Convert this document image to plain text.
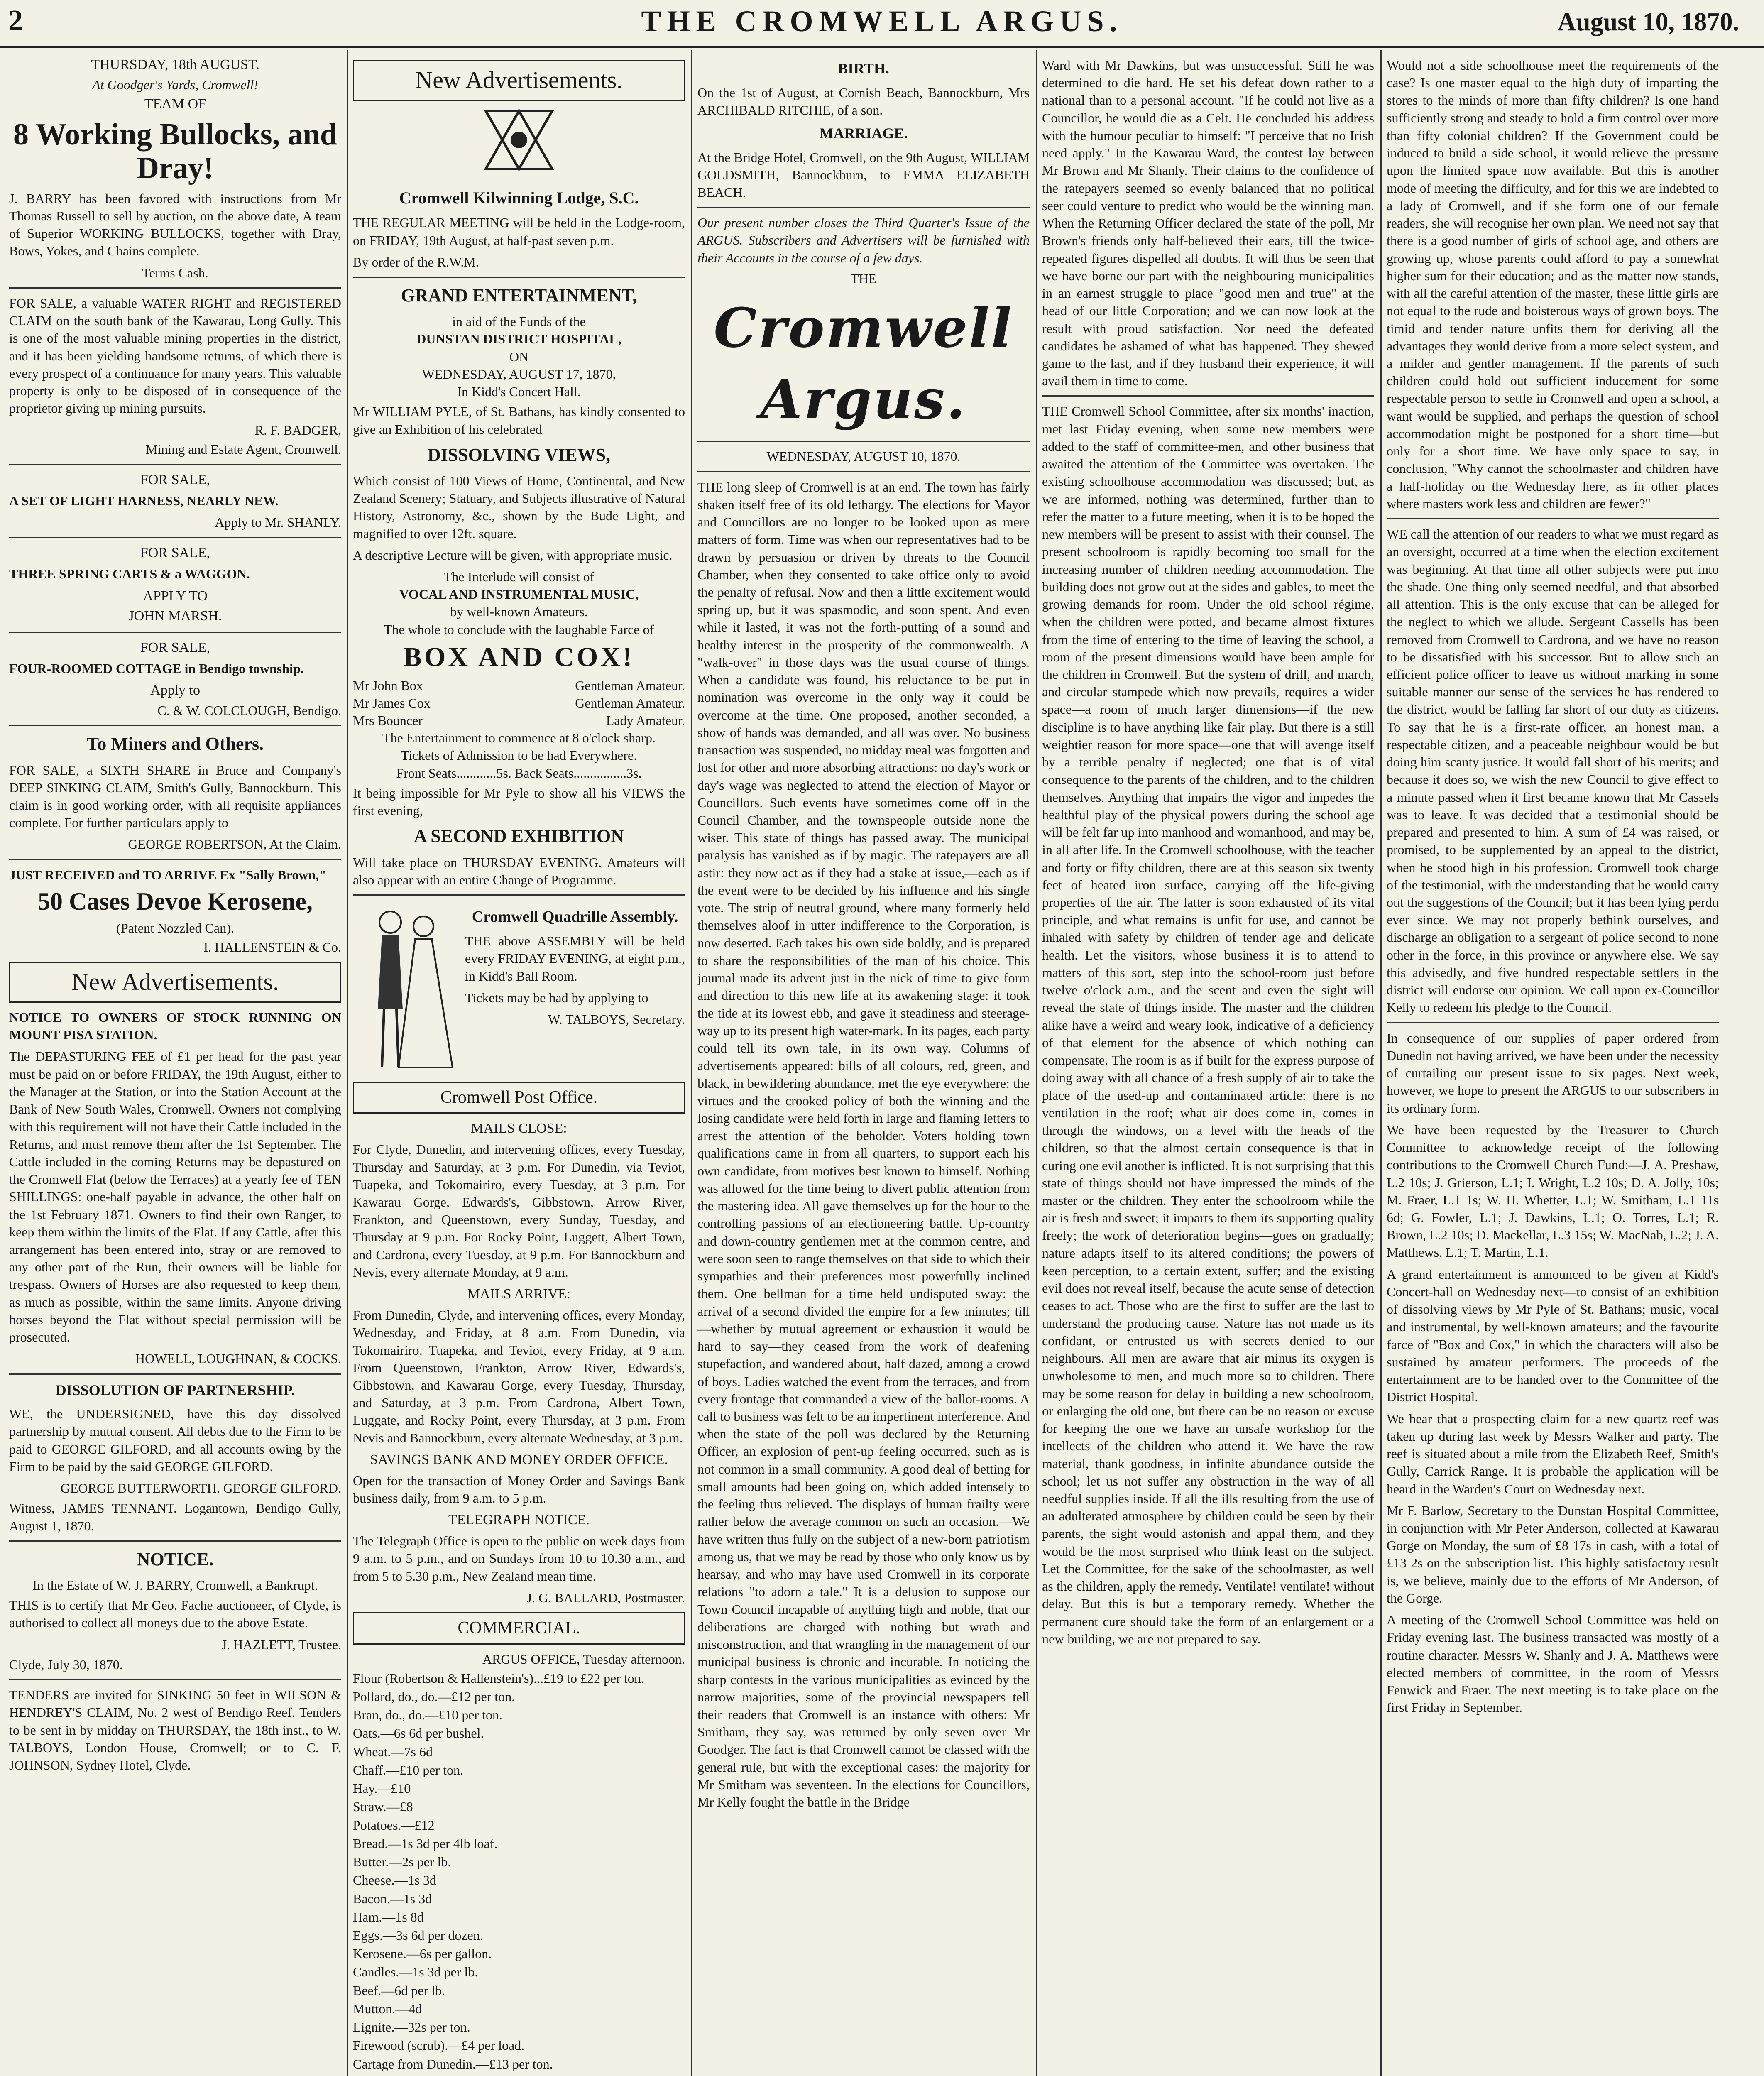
2	THE CROMWELL ARGUS.	August 10, 1870.
THURSDAY, 18th AUGUST.
At Goodger's Yards, Cromwell!
TEAM OF
8 Working Bullocks, and Dray!
J. BARRY has been favored with instructions from Mr Thomas Russell to sell by auction, on the above date, A team of Superior WORKING BULLOCKS, together with Dray, Bows, Yokes, and Chains complete.
Terms Cash.
FOR SALE, a valuable WATER RIGHT and REGISTERED CLAIM on the south bank of the Kawarau, Long Gully. This is one of the most valuable mining properties in the district, and it has been yielding handsome returns, of which there is every prospect of a continuance for many years. This valuable property is only to be disposed of in consequence of the proprietor giving up mining pursuits.
R. F. BADGER,
Mining and Estate Agent, Cromwell.
FOR SALE,
A SET OF LIGHT HARNESS, NEARLY NEW.
Apply to Mr. SHANLY.
FOR SALE,
THREE SPRING CARTS & a WAGGON.
APPLY TO
JOHN MARSH.
FOR SALE,
FOUR-ROOMED COTTAGE in Bendigo township.
Apply to
C. & W. COLCLOUGH, Bendigo.
To Miners and Others.
FOR SALE, a SIXTH SHARE in Bruce and Company's DEEP SINKING CLAIM, Smith's Gully, Bannockburn. This claim is in good working order, with all requisite appliances complete. For further particulars apply to
GEORGE ROBERTSON, At the Claim.
JUST RECEIVED and TO ARRIVE Ex "Sally Brown,"
50 Cases Devoe Kerosene,
(Patent Nozzled Can).
I. HALLENSTEIN & Co.
New Advertisements.
NOTICE TO OWNERS OF STOCK RUNNING ON MOUNT PISA STATION.
The DEPASTURING FEE of £1 per head for the past year must be paid on or before FRIDAY, the 19th August, either to the Manager at the Station, or into the Station Account at the Bank of New South Wales, Cromwell. Owners not complying with this requirement will not have their Cattle included in the Returns, and must remove them after the 1st September. The Cattle included in the coming Returns may be depastured on the Cromwell Flat (below the Terraces) at a yearly fee of TEN SHILLINGS: one-half payable in advance, the other half on the 1st February 1871. Owners to find their own Ranger, to keep them within the limits of the Flat. If any Cattle, after this arrangement has been entered into, stray or are removed to any other part of the Run, their owners will be liable for trespass. Owners of Horses are also requested to keep them, as much as possible, within the same limits. Anyone driving horses beyond the Flat without special permission will be prosecuted.
HOWELL, LOUGHNAN, & COCKS.
DISSOLUTION OF PARTNERSHIP.
WE, the UNDERSIGNED, have this day dissolved partnership by mutual consent. All debts due to the Firm to be paid to GEORGE GILFORD, and all accounts owing by the Firm to be paid by the said GEORGE GILFORD.
GEORGE BUTTERWORTH. GEORGE GILFORD.
Witness, JAMES TENNANT. Logantown, Bendigo Gully, August 1, 1870.
NOTICE.
In the Estate of W. J. BARRY, Cromwell, a Bankrupt.
THIS is to certify that Mr Geo. Fache auctioneer, of Clyde, is authorised to collect all moneys due to the above Estate.
J. HAZLETT, Trustee.
Clyde, July 30, 1870.
TENDERS are invited for SINKING 50 feet in WILSON & HENDREY'S CLAIM, No. 2 west of Bendigo Reef. Tenders to be sent in by midday on THURSDAY, the 18th inst., to W. TALBOYS, London House, Cromwell; or to C. F. JOHNSON, Sydney Hotel, Clyde.
New Advertisements.
Cromwell Kilwinning Lodge, S.C.
THE REGULAR MEETING will be held in the Lodge-room, on FRIDAY, 19th August, at half-past seven p.m.
By order of the R.W.M.
GRAND ENTERTAINMENT,
in aid of the Funds of the
DUNSTAN DISTRICT HOSPITAL,
ON
WEDNESDAY, AUGUST 17, 1870,
In Kidd's Concert Hall.
Mr WILLIAM PYLE, of St. Bathans, has kindly consented to give an Exhibition of his celebrated
DISSOLVING VIEWS,
Which consist of 100 Views of Home, Continental, and New Zealand Scenery; Statuary, and Subjects illustrative of Natural History, Astronomy, &c., shown by the Bude Light, and magnified to over 12ft. square.
A descriptive Lecture will be given, with appropriate music.
The Interlude will consist of
VOCAL AND INSTRUMENTAL MUSIC,
by well-known Amateurs.
The whole to conclude with the laughable Farce of
BOX AND COX!
Mr John Box	Gentleman Amateur.
Mr James Cox	Gentleman Amateur.
Mrs Bouncer	Lady Amateur.
The Entertainment to commence at 8 o'clock sharp.
Tickets of Admission to be had Everywhere.
Front Seats............5s. Back Seats................3s.
It being impossible for Mr Pyle to show all his VIEWS the first evening,
A SECOND EXHIBITION
Will take place on THURSDAY EVENING. Amateurs will also appear with an entire Change of Programme.
Cromwell Quadrille Assembly.
THE above ASSEMBLY will be held every FRIDAY EVENING, at eight p.m., in Kidd's Ball Room.
Tickets may be had by applying to
W. TALBOYS, Secretary.
Cromwell Post Office.
MAILS CLOSE:
For Clyde, Dunedin, and intervening offices, every Tuesday, Thursday and Saturday, at 3 p.m. For Dunedin, via Teviot, Tuapeka, and Tokomairiro, every Tuesday, at 3 p.m. For Kawarau Gorge, Edwards's, Gibbstown, Arrow River, Frankton, and Queenstown, every Sunday, Tuesday, and Thursday at 9 p.m. For Rocky Point, Luggett, Albert Town, and Cardrona, every Tuesday, at 9 p.m. For Bannockburn and Nevis, every alternate Monday, at 9 a.m.
MAILS ARRIVE:
From Dunedin, Clyde, and intervening offices, every Monday, Wednesday, and Friday, at 8 a.m. From Dunedin, via Tokomairiro, Tuapeka, and Teviot, every Friday, at 9 a.m. From Queenstown, Frankton, Arrow River, Edwards's, Gibbstown, and Kawarau Gorge, every Tuesday, Thursday, and Saturday, at 3 p.m. From Cardrona, Albert Town, Luggate, and Rocky Point, every Thursday, at 3 p.m. From Nevis and Bannockburn, every alternate Wednesday, at 3 p.m.
SAVINGS BANK AND MONEY ORDER OFFICE.
Open for the transaction of Money Order and Savings Bank business daily, from 9 a.m. to 5 p.m.
TELEGRAPH NOTICE.
The Telegraph Office is open to the public on week days from 9 a.m. to 5 p.m., and on Sundays from 10 to 10.30 a.m., and from 5 to 5.30 p.m., New Zealand mean time.
J. G. BALLARD, Postmaster.
COMMERCIAL.
ARGUS OFFICE, Tuesday afternoon.
Flour (Robertson & Hallenstein's)...£19 to £22 per ton.
Pollard, do., do.—£12 per ton.
Bran, do., do.—£10 per ton.
Oats.—6s 6d per bushel.
Wheat.—7s 6d
Chaff.—£10 per ton.
Hay.—£10
Straw.—£8
Potatoes.—£12
Bread.—1s 3d per 4lb loaf.
Butter.—2s per lb.
Cheese.—1s 3d
Bacon.—1s 3d
Ham.—1s 8d
Eggs.—3s 6d per dozen.
Kerosene.—6s per gallon.
Candles.—1s 3d per lb.
Beef.—6d per lb.
Mutton.—4d
Lignite.—32s per ton.
Firewood (scrub).—£4 per load.
Cartage from Dunedin.—£13 per ton.
BIRTH.
On the 1st of August, at Cornish Beach, Bannockburn, Mrs ARCHIBALD RITCHIE, of a son.
MARRIAGE.
At the Bridge Hotel, Cromwell, on the 9th August, WILLIAM GOLDSMITH, Bannockburn, to EMMA ELIZABETH BEACH.
Our present number closes the Third Quarter's Issue of the ARGUS. Subscribers and Advertisers will be furnished with their Accounts in the course of a few days.
THE
Cromwell Argus.
WEDNESDAY, AUGUST 10, 1870.
THE long sleep of Cromwell is at an end. The town has fairly shaken itself free of its old lethargy. The elections for Mayor and Councillors are no longer to be looked upon as mere matters of form. Time was when our representatives had to be drawn by persuasion or driven by threats to the Council Chamber, when they consented to take office only to avoid the penalty of refusal. Now and then a little excitement would spring up, but it was spasmodic, and soon spent. And even while it lasted, it was not the forth-putting of a sound and healthy interest in the prosperity of the commonwealth. A "walk-over" in those days was the usual course of things. When a candidate was found, his reluctance to be put in nomination was overcome in the only way it could be overcome at the time. One proposed, another seconded, a show of hands was demanded, and all was over. No business transaction was suspended, no midday meal was forgotten and lost for other and more absorbing attractions: no day's work or day's wage was neglected to attend the election of Mayor or Councillors. Such events have sometimes come off in the Council Chamber, and the townspeople outside none the wiser. This state of things has passed away. The municipal paralysis has vanished as if by magic. The ratepayers are all astir: they now act as if they had a stake at issue,—each as if the event were to be decided by his influence and his single vote. The strip of neutral ground, where many formerly held themselves aloof in utter indifference to the Corporation, is now deserted. Each takes his own side boldly, and is prepared to share the responsibilities of the man of his choice. This journal made its advent just in the nick of time to give form and direction to this new life at its awakening stage: it took the tide at its lowest ebb, and gave it steadiness and steerage-way up to its present high water-mark. In its pages, each party could tell its own tale, in its own way. Columns of advertisements appeared: bills of all colours, red, green, and black, in bewildering abundance, met the eye everywhere: the virtues and the crooked policy of both the winning and the losing candidate were held forth in large and flaming letters to arrest the attention of the beholder. Voters holding town qualifications came in from all quarters, to support each his own candidate, from motives best known to himself. Nothing was allowed for the time being to divert public attention from the mastering idea. All gave themselves up for the hour to the controlling passions of an electioneering battle. Up-country and down-country gentlemen met at the common centre, and were soon seen to range themselves on that side to which their sympathies and their preferences most powerfully inclined them. One bellman for a time held undisputed sway: the arrival of a second divided the empire for a few minutes; till—whether by mutual agreement or exhaustion it would be hard to say—they ceased from the work of deafening stupefaction, and wandered about, half dazed, among a crowd of boys. Ladies watched the event from the terraces, and from every frontage that commanded a view of the ballot-rooms. A call to business was felt to be an impertinent interference. And when the state of the poll was declared by the Returning Officer, an explosion of pent-up feeling occurred, such as is not common in a small community. A good deal of betting for small amounts had been going on, which added intensely to the feeling thus relieved. The displays of human frailty were rather below the average common on such an occasion.—We have written thus fully on the subject of a new-born patriotism among us, that we may be read by those who only know us by hearsay, and who may have used Cromwell in its corporate relations "to adorn a tale." It is a delusion to suppose our Town Council incapable of anything high and noble, that our deliberations are charged with nothing but wrath and misconstruction, and that wrangling in the management of our municipal business is chronic and incurable. In noticing the sharp contests in the various municipalities as evinced by the narrow majorities, some of the provincial newspapers tell their readers that Cromwell is an instance with others: Mr Smitham, they say, was returned by only seven over Mr Goodger. The fact is that Cromwell cannot be classed with the general rule, but with the exceptional cases: the majority for Mr Smitham was seventeen. In the elections for Councillors, Mr Kelly fought the battle in the Bridge
Ward with Mr Dawkins, but was unsuccessful. Still he was determined to die hard. He set his defeat down rather to a national than to a personal account. "If he could not live as a Councillor, he would die as a Celt. He concluded his address with the humour peculiar to himself: "I perceive that no Irish need apply." In the Kawarau Ward, the contest lay between Mr Brown and Mr Shanly. Their claims to the confidence of the ratepayers seemed so evenly balanced that no political seer could venture to predict who would be the winning man. When the Returning Officer declared the state of the poll, Mr Brown's friends only half-believed their ears, till the twice-repeated figures dispelled all doubts. It will thus be seen that we have borne our part with the neighbouring municipalities in an earnest struggle to place "good men and true" at the head of our little Corporation; and we can now look at the result with proud satisfaction. Nor need the defeated candidates be ashamed of what has happened. They shewed game to the last, and if they husband their experience, it will avail them in time to come.
THE Cromwell School Committee, after six months' inaction, met last Friday evening, when some new members were added to the staff of committee-men, and other business that awaited the attention of the Committee was overtaken. The existing schoolhouse accommodation was discussed; but, as we are informed, nothing was determined, further than to refer the matter to a future meeting, when it is to be hoped the new members will be present to assist with their counsel. The present schoolroom is rapidly becoming too small for the increasing number of children needing accommodation. The building does not grow out at the sides and gables, to meet the growing demands for room. Under the old school régime, when the children were potted, and became almost fixtures from the time of entering to the time of leaving the school, a room of the present dimensions would have been ample for the children in Cromwell. But the system of drill, and march, and circular stampede which now prevails, requires a wider space—a room of much larger dimensions—if the new discipline is to have anything like fair play. But there is a still weightier reason for more space—one that will avenge itself by a terrible penalty if neglected; one that is of vital consequence to the parents of the children, and to the children themselves. Anything that impairs the vigor and impedes the healthful play of the physical powers during the school age will be felt far up into manhood and womanhood, and may be, in all after life. In the Cromwell schoolhouse, with the teacher and forty or fifty children, there are at this season six twenty feet of heated iron surface, carrying off the life-giving properties of the air. The latter is soon exhausted of its vital principle, and what remains is unfit for use, and cannot be inhaled with safety by children of tender age and delicate health. Let the visitors, whose business it is to attend to matters of this sort, step into the school-room just before twelve o'clock a.m., and the scent and even the sight will reveal the state of things inside. The master and the children alike have a weird and weary look, indicative of a deficiency of that element for the absence of which nothing can compensate. The room is as if built for the express purpose of doing away with all chance of a fresh supply of air to take the place of the used-up and contaminated article: there is no ventilation in the roof; what air does come in, comes in through the windows, on a level with the heads of the children, so that the almost certain consequence is that in curing one evil another is inflicted. It is not surprising that this state of things should not have impressed the minds of the master or the children. They enter the schoolroom while the air is fresh and sweet; it imparts to them its supporting quality freely; the work of deterioration begins—goes on gradually; nature adapts itself to its altered conditions; the powers of keen perception, to a certain extent, suffer; and the existing evil does not reveal itself, because the acute sense of detection ceases to act. Those who are the first to suffer are the last to understand the producing cause. Nature has not made us its confidant, or entrusted us with secrets denied to our neighbours. All men are aware that air minus its oxygen is unwholesome to men, and much more so to children. There may be some reason for delay in building a new schoolroom, or enlarging the old one, but there can be no reason or excuse for keeping the one we have an unsafe workshop for the intellects of the children who attend it. We have the raw material, thank goodness, in infinite abundance outside the school; let us not suffer any obstruction in the way of all needful supplies inside. If all the ills resulting from the use of an adulterated atmosphere by children could be seen by their parents, the sight would astonish and appal them, and they would be the most surprised who think least on the subject. Let the Committee, for the sake of the schoolmaster, as well as the children, apply the remedy. Ventilate! ventilate! without delay. But this is but a temporary remedy. Whether the permanent cure should take the form of an enlargement or a new building, we are not prepared to say.
Would not a side schoolhouse meet the requirements of the case? Is one master equal to the high duty of imparting the stores to the minds of more than fifty children? Is one hand sufficiently strong and steady to hold a firm control over more than fifty colonial children? If the Government could be induced to build a side school, it would relieve the pressure upon the limited space now available. But this is another mode of meeting the difficulty, and for this we are indebted to a lady of Cromwell, and if she form one of our female readers, she will recognise her own plan. We need not say that there is a good number of girls of school age, and others are growing up, whose parents could afford to pay a somewhat higher sum for their education; and as the matter now stands, with all the careful attention of the master, these little girls are not equal to the rude and boisterous ways of grown boys. The timid and tender nature unfits them for deriving all the advantages they would derive from a more select system, and a milder and gentler management. If the parents of such children could hold out sufficient inducement for some respectable person to settle in Cromwell and open a school, a want would be supplied, and perhaps the question of school accommodation might be postponed for a short time—but only for a short time. We have only space to say, in conclusion, "Why cannot the schoolmaster and children have a half-holiday on the Wednesday here, as in other places where masters work less and children are fewer?"
WE call the attention of our readers to what we must regard as an oversight, occurred at a time when the election excitement was beginning. At that time all other subjects were put into the shade. One thing only seemed needful, and that absorbed all attention. This is the only excuse that can be alleged for the neglect to which we allude. Sergeant Cassells has been removed from Cromwell to Cardrona, and we have no reason to be dissatisfied with his successor. But to allow such an efficient police officer to leave us without marking in some suitable manner our sense of the services he has rendered to the district, would be falling far short of our duty as citizens. To say that he is a first-rate officer, an honest man, a respectable citizen, and a peaceable neighbour would be but doing him scanty justice. It would fall short of his merits; and because it does so, we wish the new Council to give effect to a minute passed when it first became known that Mr Cassels was to leave. It was decided that a testimonial should be prepared and presented to him. A sum of £4 was raised, or promised, to be supplemented by an appeal to the district, when he stood high in his profession. Cromwell took charge of the testimonial, with the understanding that he would carry out the suggestions of the Council; but it has been lying perdu ever since. We may not properly bethink ourselves, and discharge an obligation to a sergeant of police second to none other in the force, in this province or anywhere else. We say this advisedly, and five hundred respectable settlers in the district will endorse our opinion. We call upon ex-Councillor Kelly to redeem his pledge to the Council.
In consequence of our supplies of paper ordered from Dunedin not having arrived, we have been under the necessity of curtailing our present issue to six pages. Next week, however, we hope to present the ARGUS to our subscribers in its ordinary form.
We have been requested by the Treasurer to Church Committee to acknowledge receipt of the following contributions to the Cromwell Church Fund:—J. A. Preshaw, L.2 10s; J. Grierson, L.1; I. Wright, L.2 10s; D. A. Jolly, 10s; M. Fraer, L.1 1s; W. H. Whetter, L.1; W. Smitham, L.1 11s 6d; G. Fowler, L.1; J. Dawkins, L.1; O. Torres, L.1; R. Brown, L.2 10s; D. Mackellar, L.3 15s; W. MacNab, L.2; J. A. Matthews, L.1; T. Martin, L.1.
A grand entertainment is announced to be given at Kidd's Concert-hall on Wednesday next—to consist of an exhibition of dissolving views by Mr Pyle of St. Bathans; music, vocal and instrumental, by well-known amateurs; and the favourite farce of "Box and Cox," in which the characters will also be sustained by amateur performers. The proceeds of the entertainment are to be handed over to the Committee of the District Hospital.
We hear that a prospecting claim for a new quartz reef was taken up during last week by Messrs Walker and party. The reef is situated about a mile from the Elizabeth Reef, Smith's Gully, Carrick Range. It is probable the application will be heard in the Warden's Court on Wednesday next.
Mr F. Barlow, Secretary to the Dunstan Hospital Committee, in conjunction with Mr Peter Anderson, collected at Kawarau Gorge on Monday, the sum of £8 17s in cash, with a total of £13 2s on the subscription list. This highly satisfactory result is, we believe, mainly due to the efforts of Mr Anderson, of the Gorge.
A meeting of the Cromwell School Committee was held on Friday evening last. The business transacted was mostly of a routine character. Messrs W. Shanly and J. A. Matthews were elected members of committee, in the room of Messrs Fenwick and Fraer. The next meeting is to take place on the first Friday in September.
